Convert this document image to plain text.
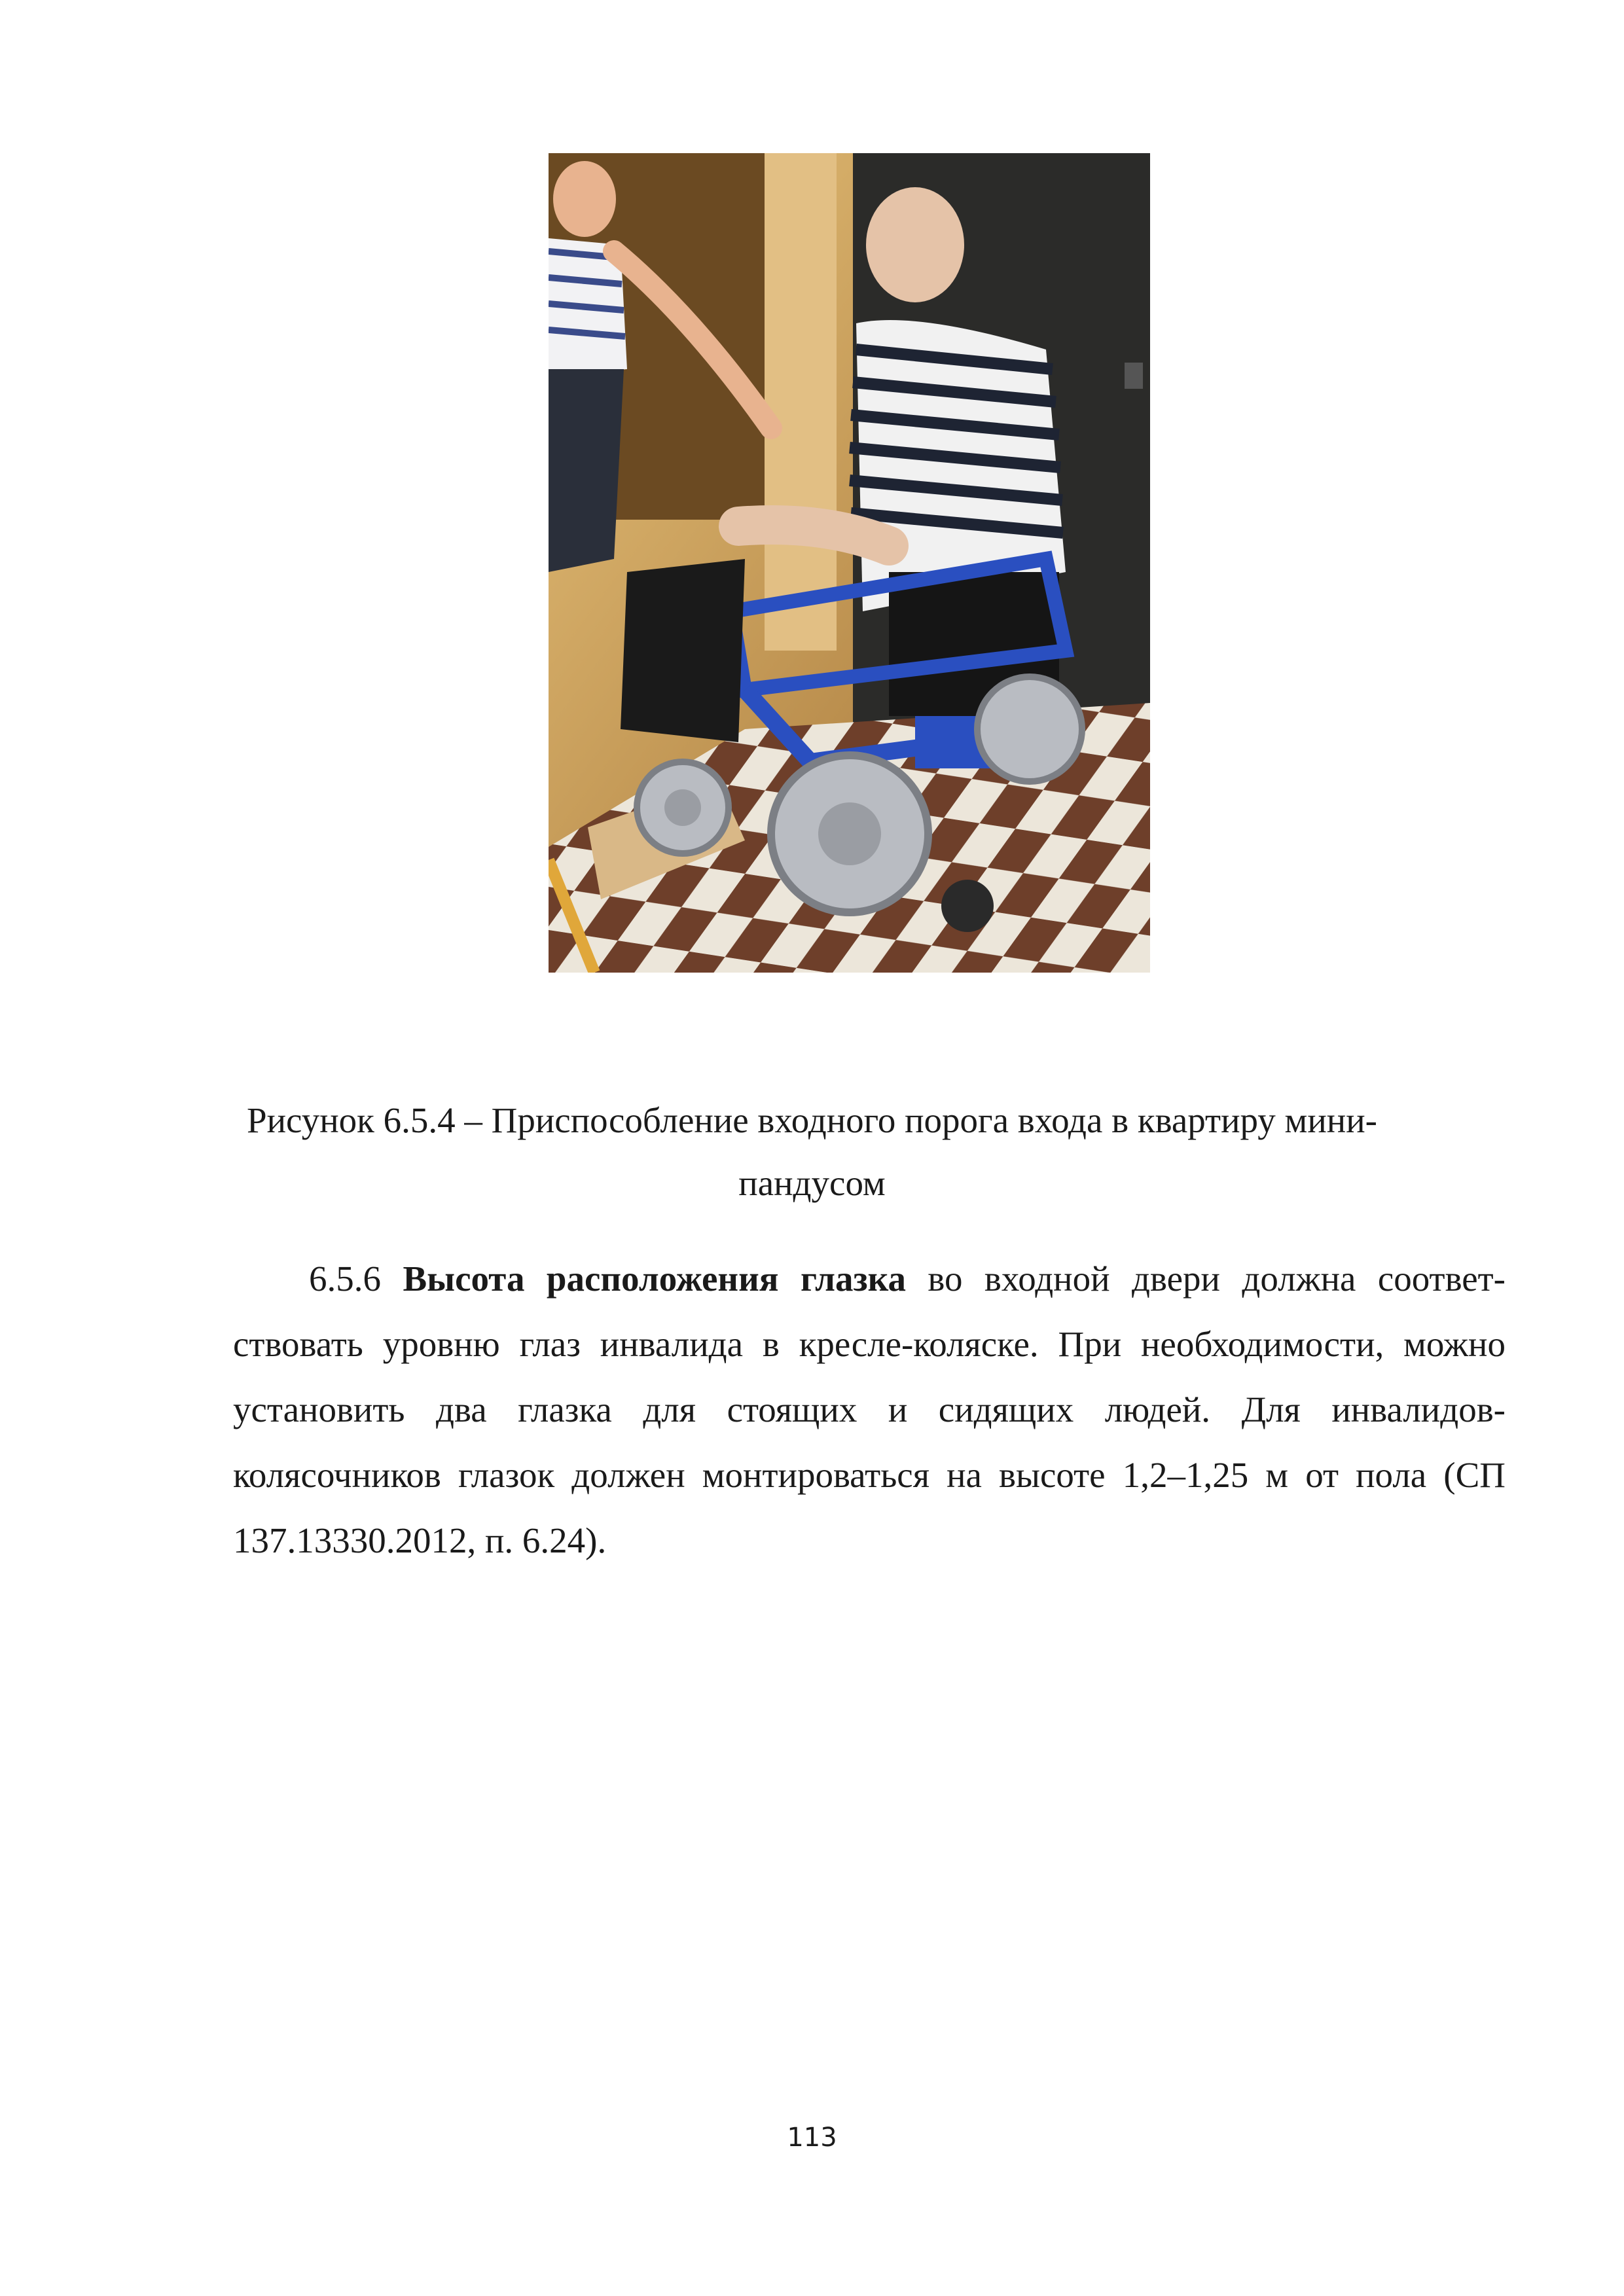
Рисунок 6.5.4 – Приспособление входного порога входа в квартиру мини-
пандусом

6.5.6 Высота расположения глазка во входной двери должна соответ-ствовать уровню глаз инвалида в кресле-коляске. При необходимости, можно установить два глазка для стоящих и сидящих людей. Для инвалидов-колясочников глазок должен монтироваться на высоте 1,2–1,25 м от пола (СП 137.13330.2012, п. 6.24).

113
